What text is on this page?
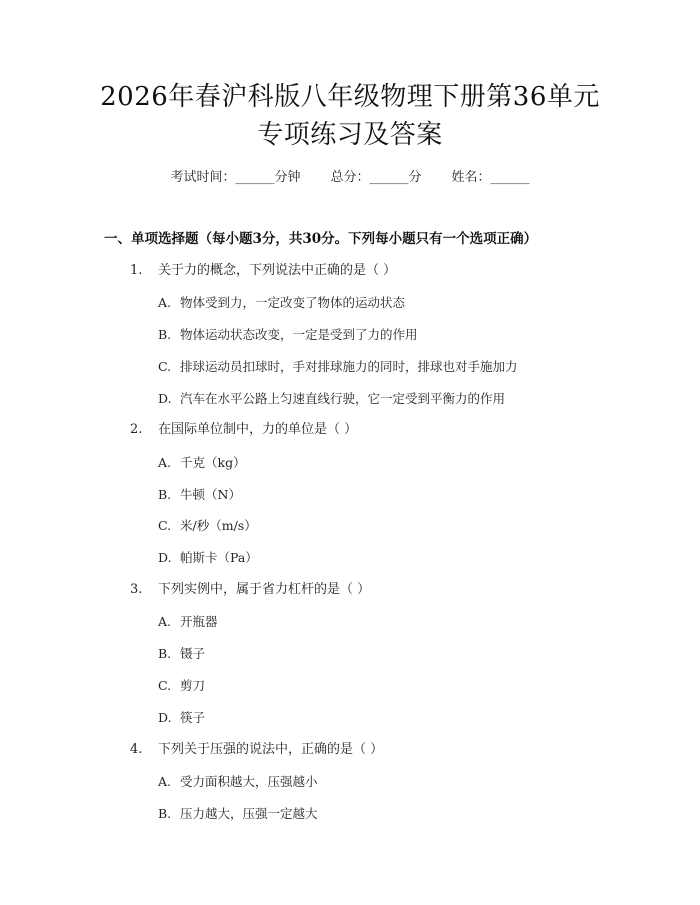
2026年春沪科版八年级物理下册第36单元
专项练习及答案
考试时间：______分钟 总分：______分 姓名：______
一、单项选择题（每小题3分，共30分。下列每小题只有一个选项正确）
1. 关于力的概念，下列说法中正确的是（ ）
A. 物体受到力，一定改变了物体的运动状态
B. 物体运动状态改变，一定是受到了力的作用
C. 排球运动员扣球时，手对排球施力的同时，排球也对手施加力
D. 汽车在水平公路上匀速直线行驶，它一定受到平衡力的作用
2. 在国际单位制中，力的单位是（ ）
A. 千克（kg）
B. 牛顿（N）
C. 米/秒（m/s）
D. 帕斯卡（Pa）
3. 下列实例中，属于省力杠杆的是（ ）
A. 开瓶器
B. 镊子
C. 剪刀
D. 筷子
4. 下列关于压强的说法中，正确的是（ ）
A. 受力面积越大，压强越小
B. 压力越大，压强一定越大
